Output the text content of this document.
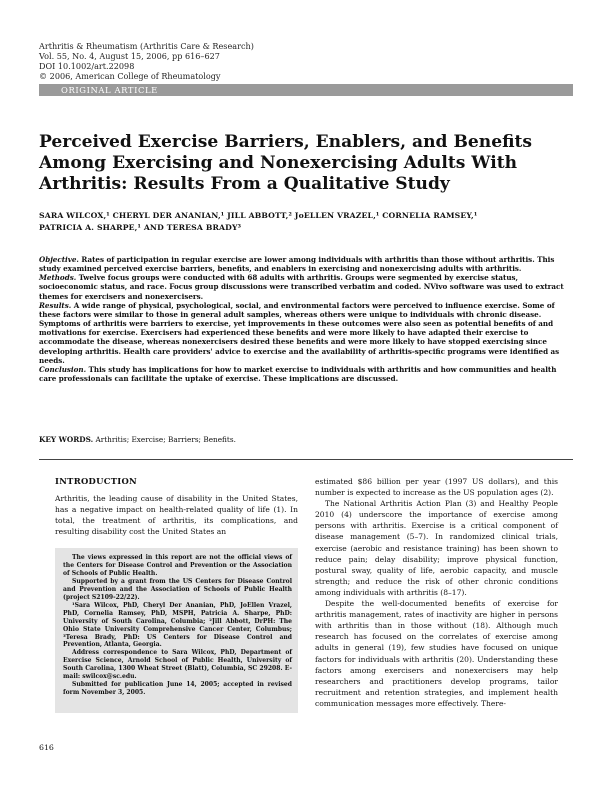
Arthritis & Rheumatism (Arthritis Care & Research)
Vol. 55, No. 4, August 15, 2006, pp 616–627
DOI 10.1002/art.22098
© 2006, American College of Rheumatology
ORIGINAL ARTICLE
Perceived Exercise Barriers, Enablers, and Benefits
Among Exercising and Nonexercising Adults With
Arthritis: Results From a Qualitative Study
SARA WILCOX,¹ CHERYL DER ANANIAN,¹ JILL ABBOTT,² JoELLEN VRAZEL,¹ CORNELIA RAMSEY,¹
PATRICIA A. SHARPE,¹ AND TERESA BRADY³

Objective. Rates of participation in regular exercise are lower among individuals with arthritis than those without arthritis. This study examined perceived exercise barriers, benefits, and enablers in exercising and nonexercising adults with arthritis.

Methods. Twelve focus groups were conducted with 68 adults with arthritis. Groups were segmented by exercise status, socioeconomic status, and race. Focus group discussions were transcribed verbatim and coded. NVivo software was used to extract themes for exercisers and nonexercisers.

Results. A wide range of physical, psychological, social, and environmental factors were perceived to influence exercise. Some of these factors were similar to those in general adult samples, whereas others were unique to individuals with chronic disease. Symptoms of arthritis were barriers to exercise, yet improvements in these outcomes were also seen as potential benefits of and motivations for exercise. Exercisers had experienced these benefits and were more likely to have adapted their exercise to accommodate the disease, whereas nonexercisers desired these benefits and were more likely to have stopped exercising since developing arthritis. Health care providers' advice to exercise and the availability of arthritis-specific programs were identified as needs.

Conclusion. This study has implications for how to market exercise to individuals with arthritis and how communities and health care professionals can facilitate the uptake of exercise. These implications are discussed.

KEY WORDS. Arthritis; Exercise; Barriers; Benefits.
INTRODUCTION

Arthritis, the leading cause of disability in the United States, has a negative impact on health-related quality of life (1). In total, the treatment of arthritis, its complications, and resulting disability cost the United States an

The views expressed in this report are not the official views of the Centers for Disease Control and Prevention or the Association of Schools of Public Health.

Supported by a grant from the US Centers for Disease Control and Prevention and the Association of Schools of Public Health (project S2109-22/22).

¹Sara Wilcox, PhD, Cheryl Der Ananian, PhD, JoEllen Vrazel, PhD, Cornelia Ramsey, PhD, MSPH, Patricia A. Sharpe, PhD: University of South Carolina, Columbia; ²Jill Abbott, DrPH: The Ohio State University Comprehensive Cancer Center, Columbus; ³Teresa Brady, PhD: US Centers for Disease Control and Prevention, Atlanta, Georgia.

Address correspondence to Sara Wilcox, PhD, Department of Exercise Science, Arnold School of Public Health, University of South Carolina, 1300 Wheat Street (Blatt), Columbia, SC 29208. E-mail: swilcox@sc.edu.

Submitted for publication June 14, 2005; accepted in revised form November 3, 2005.

estimated $86 billion per year (1997 US dollars), and this number is expected to increase as the US population ages (2).

The National Arthritis Action Plan (3) and Healthy People 2010 (4) underscore the importance of exercise among persons with arthritis. Exercise is a critical component of disease management (5–7). In randomized clinical trials, exercise (aerobic and resistance training) has been shown to reduce pain; delay disability; improve physical function, postural sway, quality of life, aerobic capacity, and muscle strength; and reduce the risk of other chronic conditions among individuals with arthritis (8–17).

Despite the well-documented benefits of exercise for arthritis management, rates of inactivity are higher in persons with arthritis than in those without (18). Although much research has focused on the correlates of exercise among adults in general (19), few studies have focused on unique factors for individuals with arthritis (20). Understanding these factors among exercisers and nonexercisers may help researchers and practitioners develop programs, tailor recruitment and retention strategies, and implement health communication messages more effectively. There-

616
